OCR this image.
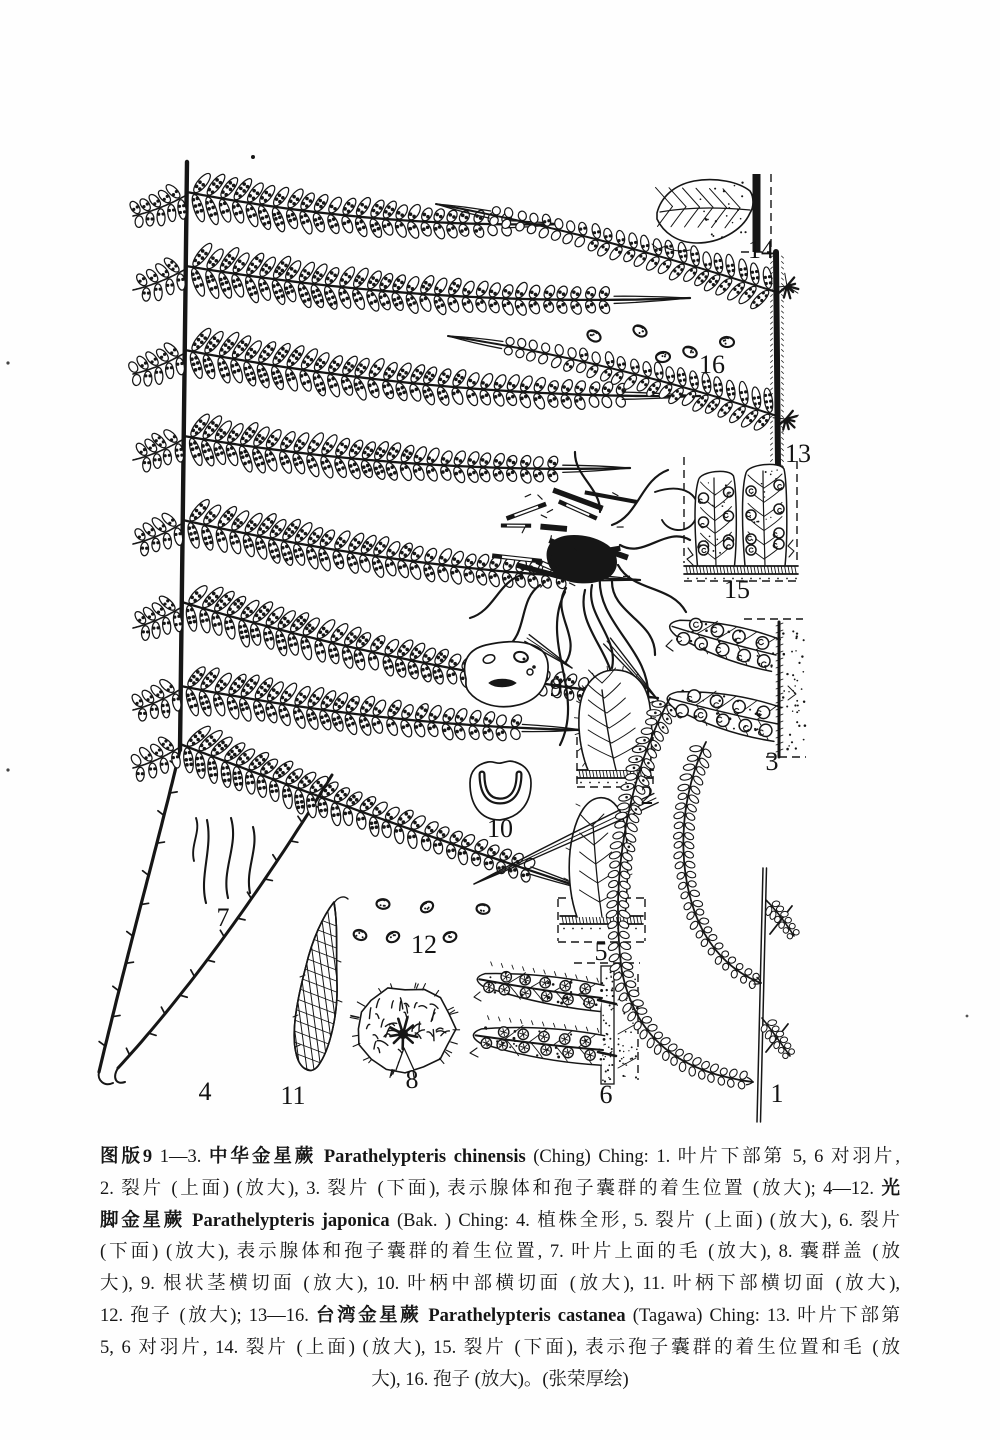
1
2
3
4
5
6
7
8
9
10
11
12
13
14
15
16
图版9 1—3. 中华金星蕨 Parathelypteris chinensis (Ching) Ching: 1. 叶片下部第 5, 6 对羽片,
2. 裂片 (上面) (放大), 3. 裂片 (下面), 表示腺体和孢子囊群的着生位置 (放大); 4—12. 光
脚金星蕨 Parathelypteris japonica (Bak. ) Ching: 4. 植株全形, 5. 裂片 (上面) (放大), 6. 裂片
(下面) (放大), 表示腺体和孢子囊群的着生位置, 7. 叶片上面的毛 (放大), 8. 囊群盖 (放
大), 9. 根状茎横切面 (放大), 10. 叶柄中部横切面 (放大), 11. 叶柄下部横切面 (放大),
12. 孢子 (放大); 13—16. 台湾金星蕨 Parathelypteris castanea (Tagawa) Ching: 13. 叶片下部第
5, 6 对羽片, 14. 裂片 (上面) (放大), 15. 裂片 (下面), 表示孢子囊群的着生位置和毛 (放
大), 16. 孢子 (放大)。(张荣厚绘)
